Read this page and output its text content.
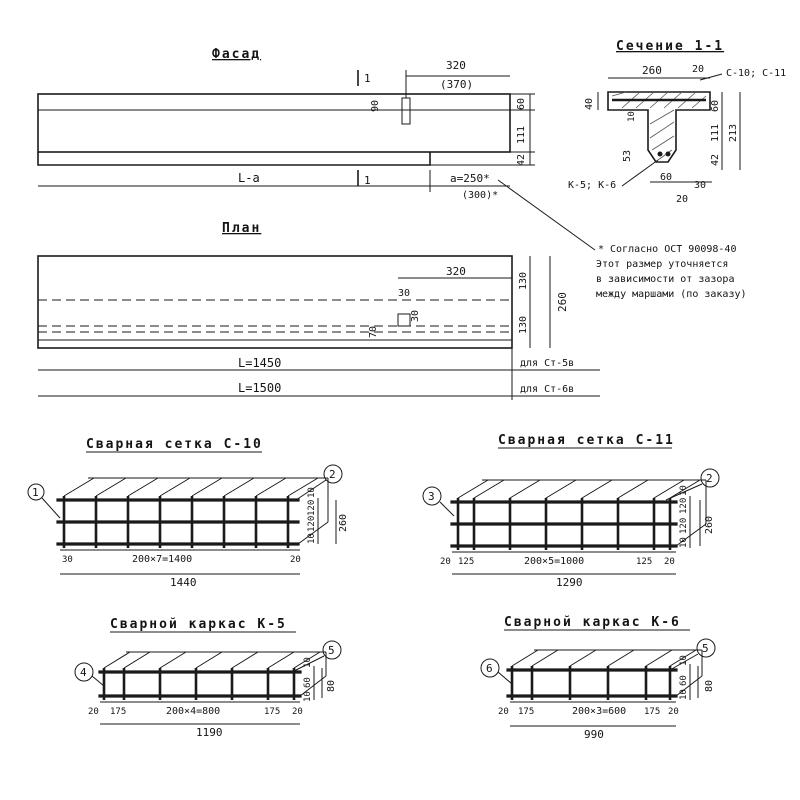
Фасад
1
1
90
320
(370)
60
111
42
L-a	a=250*
(300)*
Сечение 1-1
260	20 С-10; С-11
40
10
60
111 213
42
53
К-5; К-6
60
30
20
* Согласно ОСТ 90098-40
Этот размер уточняется
в зависимости от зазора
между маршами (по заказу)
План
320
30
30
70
130
130
260
L=1450
L=1500
для Ст-5в
для Ст-6в
Сварная сетка С-10
1
2
30	200×7=1400	20
1440
10
120
120
10
260
Сварная сетка С-11
3
2
20 125	200×5=1000	125 20
1290
10
120
120
10
260
Сварной каркас К-5
4
5
20 175	200×4=800	175 20
1190
10
60
10
80
Сварной каркас К-6
6
5
20 175	200×3=600 175 20
990
10
60
10
80
